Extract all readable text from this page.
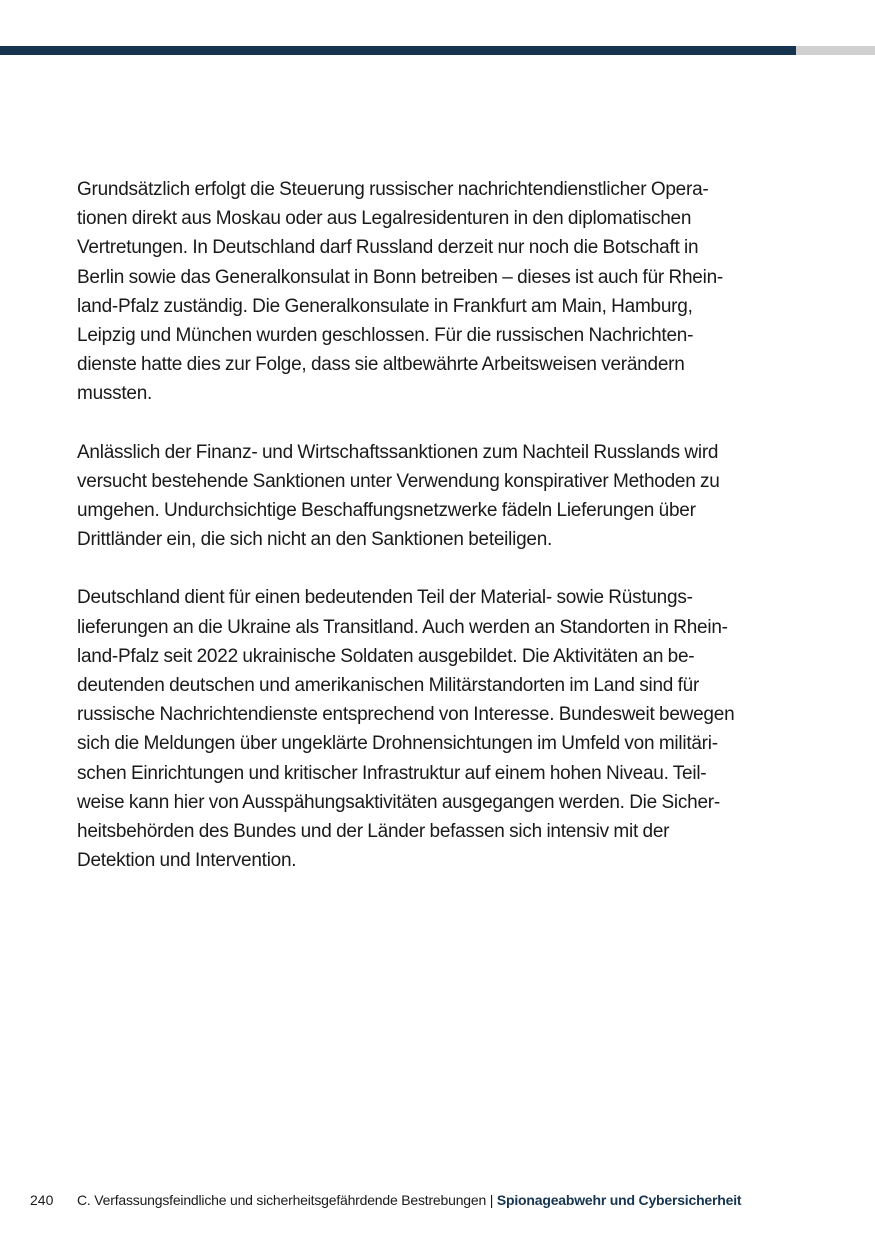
Grundsätzlich erfolgt die Steuerung russischer nachrichtendienstlicher Opera-
tionen direkt aus Moskau oder aus Legalresidenturen in den diplomatischen
Vertretungen. In Deutschland darf Russland derzeit nur noch die Botschaft in
Berlin sowie das Generalkonsulat in Bonn betreiben – dieses ist auch für Rhein-
land-Pfalz zuständig. Die Generalkonsulate in Frankfurt am Main, Hamburg,
Leipzig und München wurden geschlossen. Für die russischen Nachrichten-
dienste hatte dies zur Folge, dass sie altbewährte Arbeitsweisen verändern
mussten.

Anlässlich der Finanz- und Wirtschaftssanktionen zum Nachteil Russlands wird
versucht bestehende Sanktionen unter Verwendung konspirativer Methoden zu
umgehen. Undurchsichtige Beschaffungsnetzwerke fädeln Lieferungen über
Drittländer ein, die sich nicht an den Sanktionen beteiligen.

Deutschland dient für einen bedeutenden Teil der Material- sowie Rüstungs-
lieferungen an die Ukraine als Transitland. Auch werden an Standorten in Rhein-
land-Pfalz seit 2022 ukrainische Soldaten ausgebildet. Die Aktivitäten an be-
deutenden deutschen und amerikanischen Militärstandorten im Land sind für
russische Nachrichtendienste entsprechend von Interesse. Bundesweit bewegen
sich die Meldungen über ungeklärte Drohnensichtungen im Umfeld von militäri-
schen Einrichtungen und kritischer Infrastruktur auf einem hohen Niveau. Teil-
weise kann hier von Ausspähungsaktivitäten ausgegangen werden. Die Sicher-
heitsbehörden des Bundes und der Länder befassen sich intensiv mit der
Detektion und Intervention.

240 C. Verfassungsfeindliche und sicherheitsgefährdende Bestrebungen | Spionageabwehr und Cybersicherheit
